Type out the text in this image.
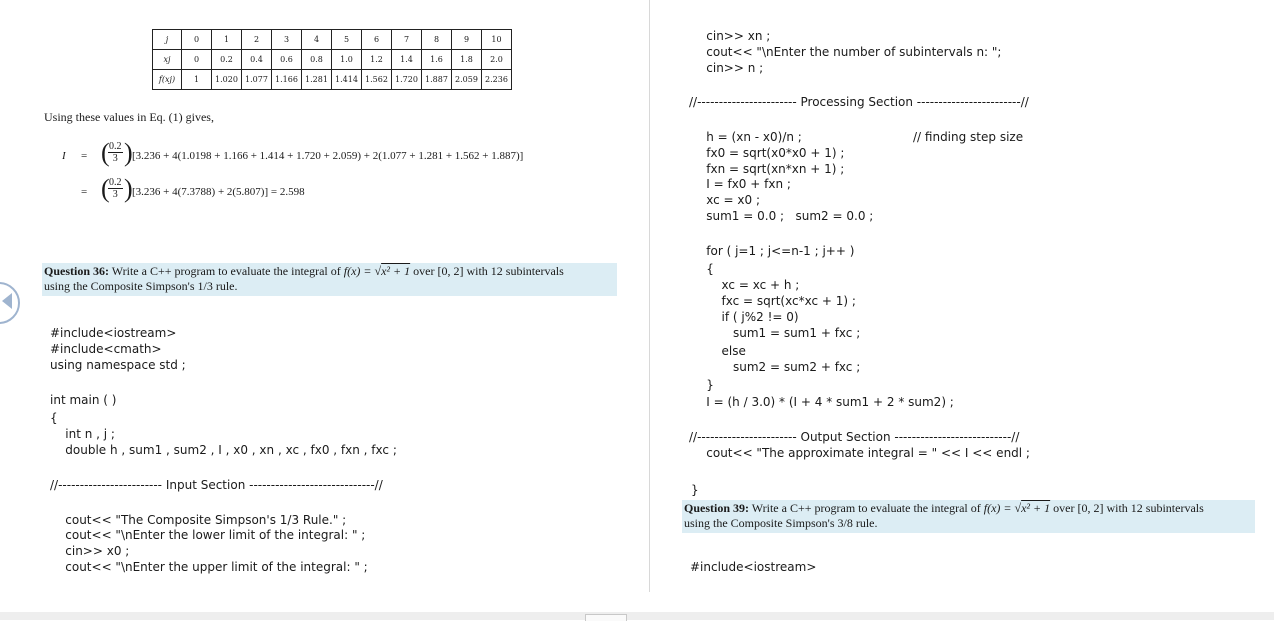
j	0	1	2	3	4	5	6	7	8	9	10
xj	0	0.2	0.4	0.6	0.8	1.0	1.2	1.4	1.6	1.8	2.0
f(xj)	1	1.020	1.077	1.166	1.281	1.414	1.562	1.720	1.887	2.059	2.236
Using these values in Eq. (1) gives,
I = (
$\frac{0.2}{3}$ ) [3.236 + 4(1.0198 + 1.166 + 1.414 + 1.720 + 2.059) + 2(1.077 + 1.281 + 1.562 + 1.887)]
= (
$\frac{0.2}{3}$ ) [3.236 + 4(7.3788) + 2(5.807)] = 2.598
Question 36: Write a C++ program to evaluate the integral of f(x) = √x² + 1 over [0, 2] with 12 subintervals
using the Composite Simpson's 1/3 rule.
#include<iostream>
#include<cmath>
using namespace std ;
int main ( )
{
int n , j ;
double h , sum1 , sum2 , I , x0 , xn , xc , fx0 , fxn , fxc ;
//------------------------ Input Section -----------------------------//
cout<< "The Composite Simpson's 1/3 Rule." ;
cout<< "\nEnter the lower limit of the integral: " ;
cin>> x0 ;
cout<< "\nEnter the upper limit of the integral: " ;
cin>> xn ;
cout<< "\nEnter the number of subintervals n: ";
cin>> n ;
//----------------------- Processing Section ------------------------//
h = (xn - x0)/n ;	// finding step size
fx0 = sqrt(x0*x0 + 1) ;
fxn = sqrt(xn*xn + 1) ;
I = fx0 + fxn ;
xc = x0 ;
sum1 = 0.0 ;   sum2 = 0.0 ;
for ( j=1 ; j<=n-1 ; j++ )
{
xc = xc + h ;
fxc = sqrt(xc*xc + 1) ;
if ( j%2 != 0)
sum1 = sum1 + fxc ;
else
sum2 = sum2 + fxc ;
}
I = (h / 3.0) * (I + 4 * sum1 + 2 * sum2) ;
//----------------------- Output Section ---------------------------//
cout<< "The approximate integral = " << I << endl ;
}
Question 39: Write a C++ program to evaluate the integral of f(x) = √x² + 1 over [0, 2] with 12 subintervals
using the Composite Simpson's 3/8 rule.
#include<iostream>
